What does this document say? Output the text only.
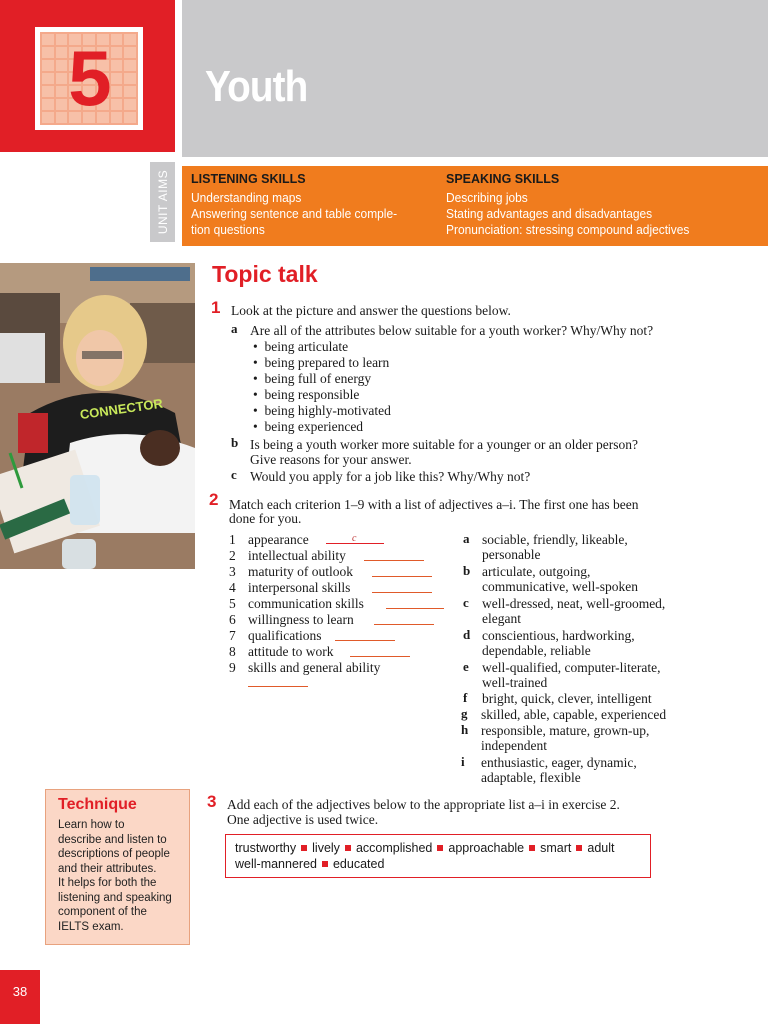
5	Youth
UNIT AIMS LISTENING SKILLS
Understanding maps
Answering sentence and table comple-
tion questions
SPEAKING SKILLS
Describing jobs
Stating advantages and disadvantages
Pronunciation: stressing compound adjectives
CONNECTOR
Topic talk
1 Look at the picture and answer the questions below.
a Are all of the attributes below suitable for a youth worker? Why/Why not?
•  being articulate
•  being prepared to learn
•  being full of energy
•  being responsible
•  being highly-motivated
•  being experienced
b Is being a youth worker more suitable for a younger or an older person?
Give reasons for your answer.
c Would you apply for a job like this? Why/Why not?
2 Match each criterion 1–9 with a list of adjectives a–i. The first one has been
done for you.
1 appearance	c
2 intellectual ability
3 maturity of outlook
4 interpersonal skills
5 communication skills
6 willingness to learn
7 qualifications
8 attitude to work
9 skills and general ability
a sociable, friendly, likeable,
personable
b articulate, outgoing,
communicative, well-spoken
c well-dressed, neat, well-groomed,
elegant
d conscientious, hardworking,
dependable, reliable
e well-qualified, computer-literate,
well-trained
f bright, quick, clever, intelligent
g skilled, able, capable, experienced
h responsible, mature, grown-up,
independent
i enthusiastic, eager, dynamic,
adaptable, flexible
3 Add each of the adjectives below to the appropriate list a–i in exercise 2.
One adjective is used twice.
trustworthy lively accomplished approachable smart adult
well-mannered educated
Technique

Learn how to
describe and listen to
descriptions of people
and their attributes.
It helps for both the
listening and speaking
component of the
IELTS exam.

38
